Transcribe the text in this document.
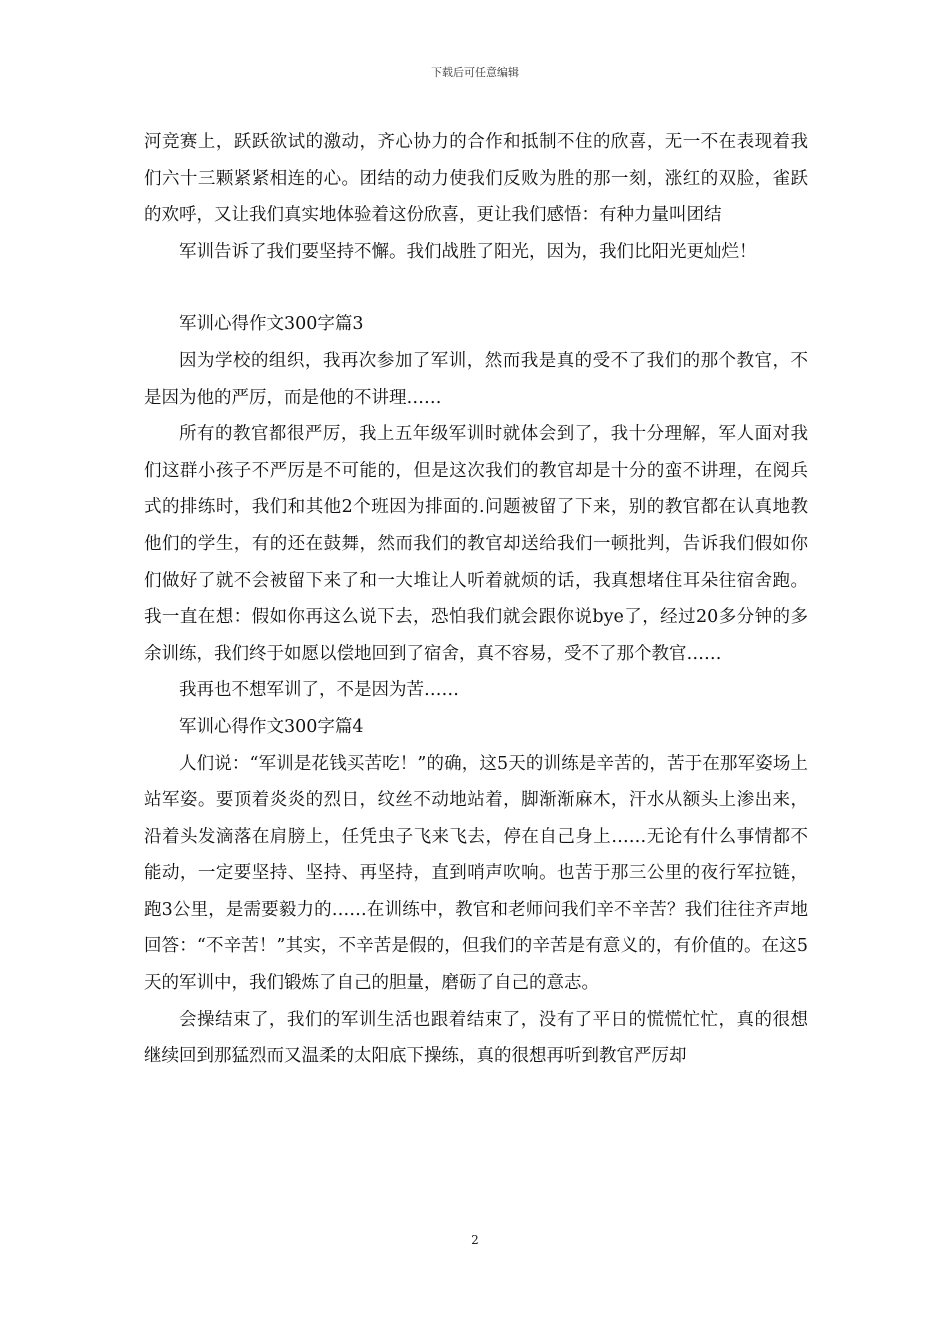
下载后可任意编辑

河竞赛上，跃跃欲试的激动，齐心协力的合作和抵制不住的欣喜，无一不在表现着我们六十三颗紧紧相连的心。团结的动力使我们反败为胜的那一刻，涨红的双脸，雀跃的欢呼，又让我们真实地体验着这份欣喜，更让我们感悟：有种力量叫团结

军训告诉了我们要坚持不懈。我们战胜了阳光，因为，我们比阳光更灿烂！

军训心得作文300字篇3

因为学校的组织，我再次参加了军训，然而我是真的受不了我们的那个教官，不是因为他的严厉，而是他的不讲理……

所有的教官都很严厉，我上五年级军训时就体会到了，我十分理解，军人面对我们这群小孩子不严厉是不可能的，但是这次我们的教官却是十分的蛮不讲理，在阅兵式的排练时，我们和其他2个班因为排面的.问题被留了下来，别的教官都在认真地教他们的学生，有的还在鼓舞，然而我们的教官却送给我们一顿批判，告诉我们假如你们做好了就不会被留下来了和一大堆让人听着就烦的话，我真想堵住耳朵往宿舍跑。我一直在想：假如你再这么说下去，恐怕我们就会跟你说bye了，经过20多分钟的多余训练，我们终于如愿以偿地回到了宿舍，真不容易，受不了那个教官……

我再也不想军训了，不是因为苦……

军训心得作文300字篇4

人们说：“军训是花钱买苦吃！”的确，这5天的训练是辛苦的，苦于在那军姿场上站军姿。要顶着炎炎的烈日，纹丝不动地站着，脚渐渐麻木，汗水从额头上渗出来，沿着头发滴落在肩膀上，任凭虫子飞来飞去，停在自己身上……无论有什么事情都不能动，一定要坚持、坚持、再坚持，直到哨声吹响。也苦于那三公里的夜行军拉链，跑3公里，是需要毅力的……在训练中，教官和老师问我们辛不辛苦？我们往往齐声地回答：“不辛苦！”其实，不辛苦是假的，但我们的辛苦是有意义的，有价值的。在这5天的军训中，我们锻炼了自己的胆量，磨砺了自己的意志。

会操结束了，我们的军训生活也跟着结束了，没有了平日的慌慌忙忙，真的很想继续回到那猛烈而又温柔的太阳底下操练，真的很想再听到教官严厉却

2
